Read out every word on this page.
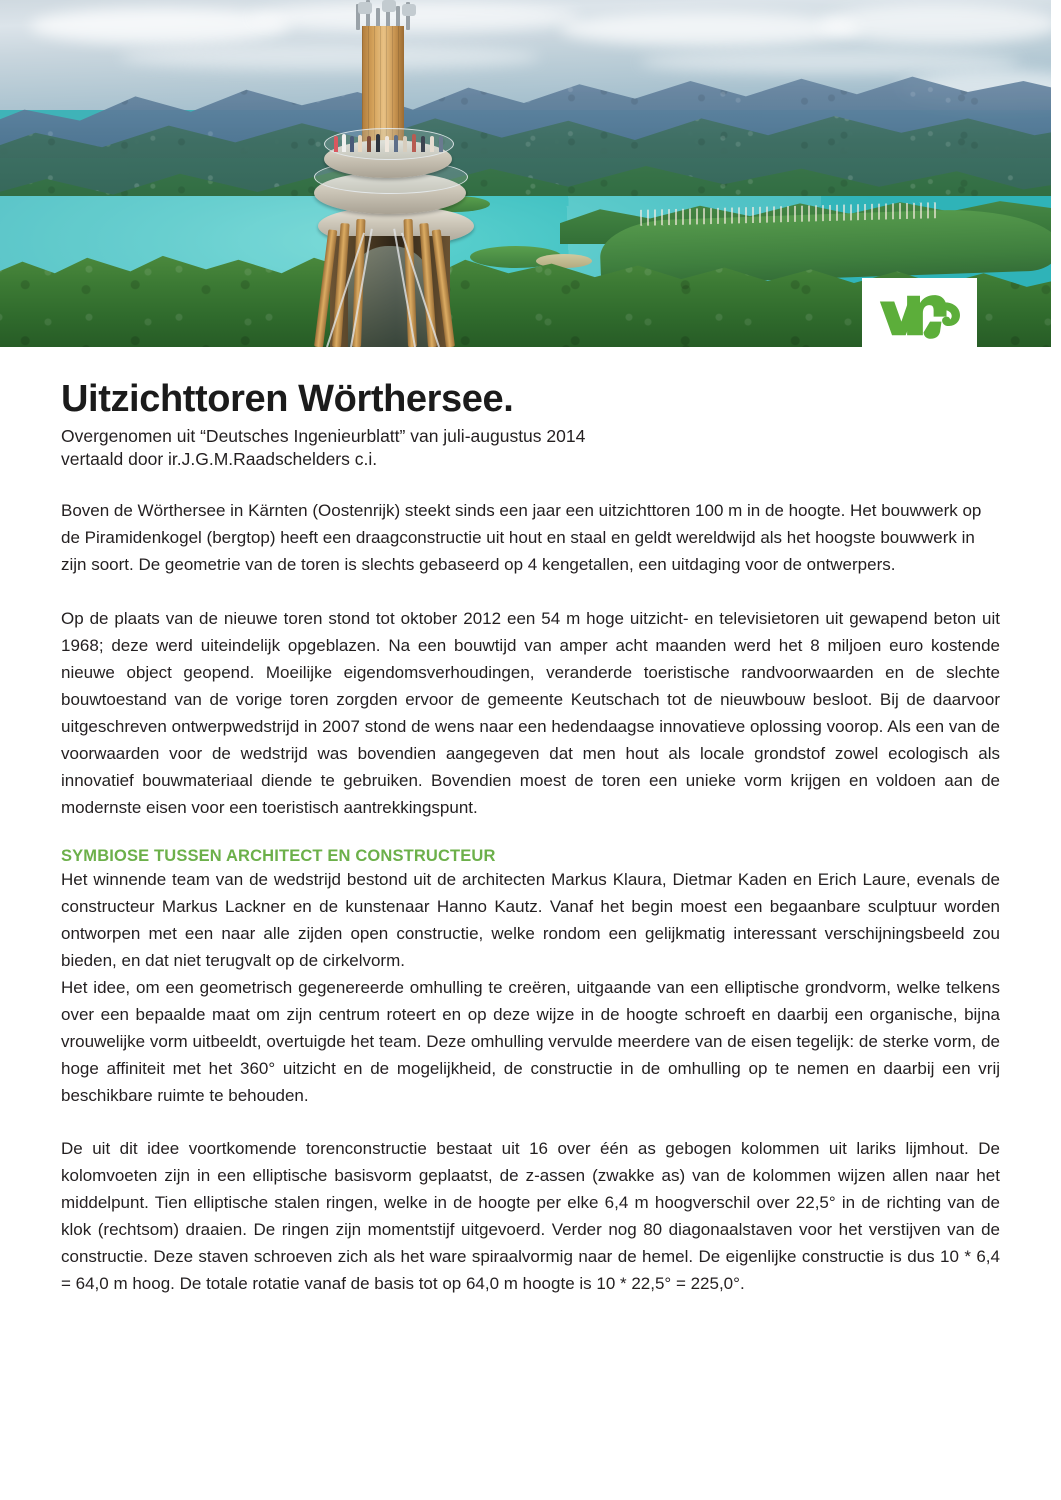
Uitzichttoren Wörthersee.
Overgenomen uit “Deutsches Ingenieurblatt” van juli-augustus 2014
vertaald door ir.J.G.M.Raadschelders c.i.

Boven de Wörthersee in Kärnten (Oostenrijk) steekt sinds een jaar een uitzichttoren 100 m in de hoogte. Het bouwwerk op de Piramidenkogel (bergtop) heeft een draagconstructie uit hout en staal en geldt wereldwijd als het hoogste bouwwerk in zijn soort. De geometrie van de toren is slechts gebaseerd op 4 kengetallen, een uitdaging voor de ontwerpers.

Op de plaats van de nieuwe toren stond tot oktober 2012 een 54 m hoge uitzicht- en televisietoren uit gewapend beton uit 1968; deze werd uiteindelijk opgeblazen. Na een bouwtijd van amper acht maanden werd het 8 miljoen euro kostende nieuwe object geopend. Moeilijke eigendomsverhoudingen, veranderde toeristische randvoorwaarden en de slechte bouwtoestand van de vorige toren zorgden ervoor de gemeente Keutschach tot de nieuwbouw besloot. Bij de daarvoor uitgeschreven ontwerpwedstrijd in 2007 stond de wens naar een hedendaagse innovatieve oplossing voorop. Als een van de voorwaarden voor de wedstrijd was bovendien aangegeven dat men hout als locale grondstof zowel ecologisch als innovatief bouwmateriaal diende te gebruiken. Bovendien moest de toren een unieke vorm krijgen en voldoen aan de modernste eisen voor een toeristisch aantrekkingspunt.

SYMBIOSE TUSSEN ARCHITECT EN CONSTRUCTEUR

Het winnende team van de wedstrijd bestond uit de architecten Markus Klaura, Dietmar Kaden en Erich Laure, evenals de constructeur Markus Lackner en de kunstenaar Hanno Kautz. Vanaf het begin moest een begaanbare sculptuur worden ontworpen met een naar alle zijden open constructie, welke rondom een gelijkmatig interessant verschijningsbeeld zou bieden, en dat niet terugvalt op de cirkelvorm.

Het idee, om een geometrisch gegenereerde omhulling te creëren, uitgaande van een elliptische grondvorm, welke telkens over een bepaalde maat om zijn centrum roteert en op deze wijze in de hoogte schroeft en daarbij een organische, bijna vrouwelijke vorm uitbeeldt, overtuigde het team. Deze omhulling vervulde meerdere van de eisen tegelijk: de sterke vorm, de hoge affiniteit met het 360° uitzicht en de mogelijkheid, de constructie in de omhulling op te nemen en daarbij een vrij beschikbare ruimte te behouden.

De uit dit idee voortkomende torenconstructie bestaat uit 16 over één as gebogen kolommen uit lariks lijmhout. De kolomvoeten zijn in een elliptische basisvorm geplaatst, de z-assen (zwakke as) van de kolommen wijzen allen naar het middelpunt. Tien elliptische stalen ringen, welke in de hoogte per elke 6,4 m hoogverschil over 22,5° in de richting van de klok (rechtsom) draaien. De ringen zijn momentstijf uitgevoerd. Verder nog 80 diagonaalstaven voor het verstijven van de constructie. Deze staven schroeven zich als het ware spiraalvormig naar de hemel. De eigenlijke constructie is dus 10 * 6,4 = 64,0 m hoog. De totale rotatie vanaf de basis tot op 64,0 m hoogte is 10 * 22,5° = 225,0°.
